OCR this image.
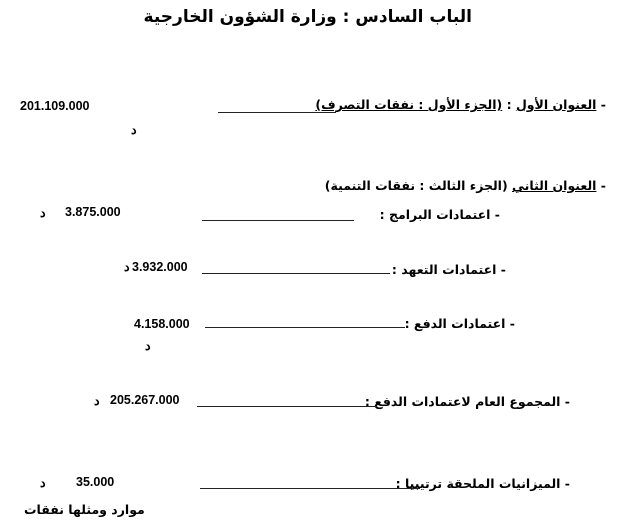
الباب السادس : وزارة الشؤون الخارجية
- العنوان الأول : (الجزء الأول : نفقات التصرف)
201.109.000
د
- العنوان الثاني (الجزء الثالث : نفقات التنمية)
- اعتمادات البرامج :
3.875.000
د
- اعتمادات التعهد :
د 3.932.000
- اعتمادات الدفع :
4.158.000
د
- المجموع العام لاعتمادات الدفع :
205.267.000
د
- الميزانيات الملحقة ترتيبيا :
35.000
د
موارد ومثلها نفقات
